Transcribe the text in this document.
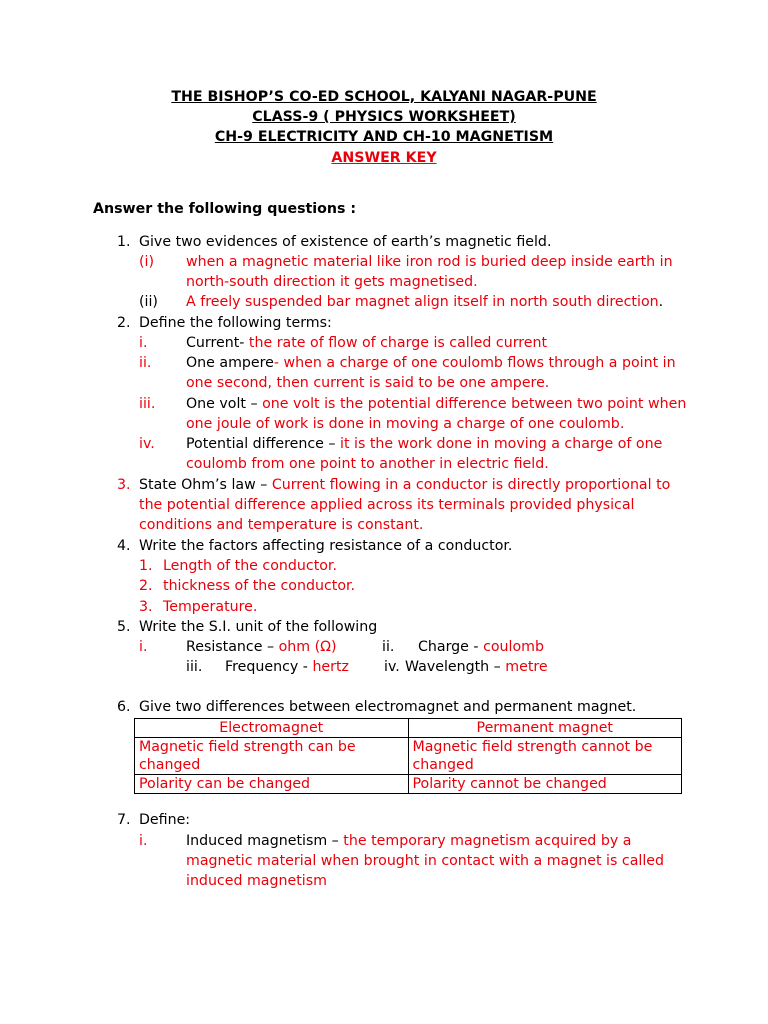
THE BISHOP’S CO-ED SCHOOL, KALYANI NAGAR-PUNE
CLASS-9 ( PHYSICS WORKSHEET)
CH-9 ELECTRICITY AND CH-10 MAGNETISM
ANSWER KEY
Answer the following questions :
1. Give two evidences of existence of earth’s magnetic field.
(i) when a magnetic material like iron rod is buried deep inside earth in
north-south direction it gets magnetised.
(ii) A freely suspended bar magnet align itself in north south direction.
2. Define the following terms:
i.	Current- the rate of flow of charge is called current
ii. One ampere- when a charge of one coulomb flows through a point in
one second, then current is said to be one ampere.
iii. One volt – one volt is the potential difference between two point when
one joule of work is done in moving a charge of one coulomb.
iv. Potential difference – it is the work done in moving a charge of one
coulomb from one point to another in electric field.
3. State Ohm’s law – Current flowing in a conductor is directly proportional to
the potential difference applied across its terminals provided physical
conditions and temperature is constant.
4. Write the factors affecting resistance of a conductor.
1. Length of the conductor.
2. thickness of the conductor.
3. Temperature.
5. Write the S.I. unit of the following
i.	Resistance – ohm (Ω)	ii. Charge - coulomb
iii. Frequency - hertz iv. Wavelength – metre
6. Give two differences between electromagnet and permanent magnet.
Electromagnet	Permanent magnet
Magnetic field strength can be changed	Magnetic field strength cannot be changed
Polarity can be changed	Polarity cannot be changed
7. Define:
i.	Induced magnetism – the temporary magnetism acquired by a
magnetic material when brought in contact with a magnet is called
induced magnetism
